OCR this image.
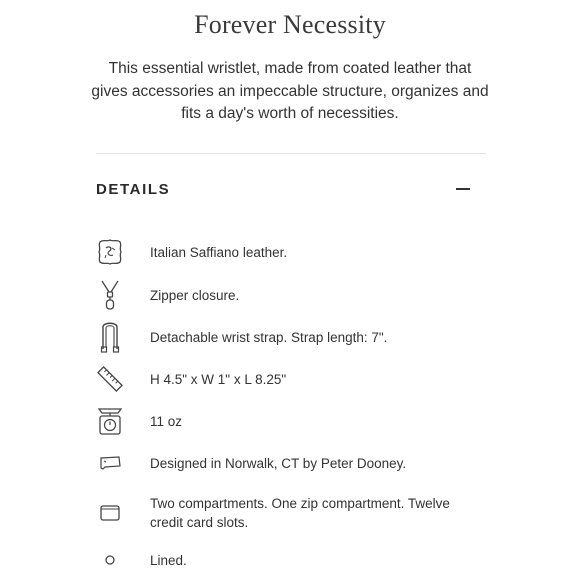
Forever Necessity
This essential wristlet, made from coated leather that gives accessories an impeccable structure, organizes and fits a day's worth of necessities.
DETAILS
Italian Saffiano leather.
Zipper closure.
Detachable wrist strap. Strap length: 7".
H 4.5" x W 1" x L 8.25"
11 oz
Designed in Norwalk, CT by Peter Dooney.
Two compartments. One zip compartment. Twelve credit card slots.
Lined.
